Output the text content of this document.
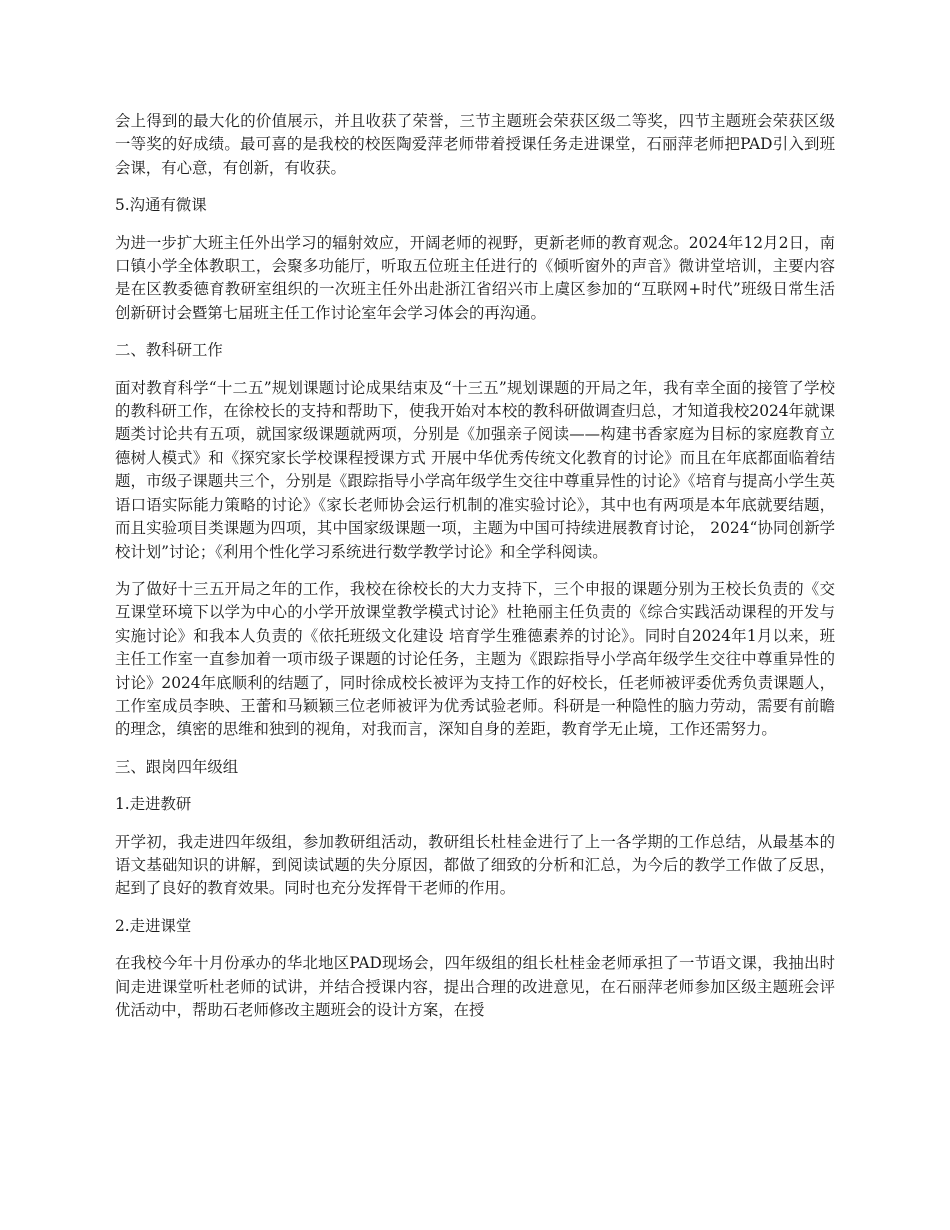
会上得到的最大化的价值展示，并且收获了荣誉，三节主题班会荣获区级二等奖，四节主题班会荣获区级一等奖的好成绩。最可喜的是我校的校医陶爱萍老师带着授课任务走进课堂，石丽萍老师把PAD引入到班会课，有心意，有创新，有收获。

5.沟通有微课

为进一步扩大班主任外出学习的辐射效应，开阔老师的视野，更新老师的教育观念。2024年12月2日，南口镇小学全体教职工，会聚多功能厅，听取五位班主任进行的《倾听窗外的声音》微讲堂培训，主要内容是在区教委德育教研室组织的一次班主任外出赴浙江省绍兴市上虞区参加的“互联网+时代”班级日常生活创新研讨会暨第七届班主任工作讨论室年会学习体会的再沟通。

二、教科研工作

面对教育科学“十二五”规划课题讨论成果结束及“十三五”规划课题的开局之年，我有幸全面的接管了学校的教科研工作，在徐校长的支持和帮助下，使我开始对本校的教科研做调查归总，才知道我校2024年就课题类讨论共有五项，就国家级课题就两项，分别是《加强亲子阅读——构建书香家庭为目标的家庭教育立德树人模式》和《探究家长学校课程授课方式 开展中华优秀传统文化教育的讨论》而且在年底都面临着结题，市级子课题共三个，分别是《跟踪指导小学高年级学生交往中尊重异性的讨论》《培育与提高小学生英语口语实际能力策略的讨论》《家长老师协会运行机制的准实验讨论》，其中也有两项是本年底就要结题，而且实验项目类课题为四项，其中国家级课题一项，主题为中国可持续进展教育讨论， 2024“协同创新学校计划”讨论；《利用个性化学习系统进行数学教学讨论》和全学科阅读。

为了做好十三五开局之年的工作，我校在徐校长的大力支持下，三个申报的课题分别为王校长负责的《交互课堂环境下以学为中心的小学开放课堂教学模式讨论》杜艳丽主任负责的《综合实践活动课程的开发与实施讨论》和我本人负责的《依托班级文化建设 培育学生雅德素养的讨论》。同时自2024年1月以来，班主任工作室一直参加着一项市级子课题的讨论任务，主题为《跟踪指导小学高年级学生交往中尊重异性的讨论》2024年底顺利的结题了，同时徐成校长被评为支持工作的好校长，任老师被评委优秀负责课题人，工作室成员李映、王蕾和马颖颖三位老师被评为优秀试验老师。科研是一种隐性的脑力劳动，需要有前瞻的理念，缜密的思维和独到的视角，对我而言，深知自身的差距，教育学无止境，工作还需努力。

三、跟岗四年级组

1.走进教研

开学初，我走进四年级组，参加教研组活动，教研组长杜桂金进行了上一各学期的工作总结，从最基本的语文基础知识的讲解，到阅读试题的失分原因，都做了细致的分析和汇总，为今后的教学工作做了反思，起到了良好的教育效果。同时也充分发挥骨干老师的作用。

2.走进课堂

在我校今年十月份承办的华北地区PAD现场会，四年级组的组长杜桂金老师承担了一节语文课，我抽出时间走进课堂听杜老师的试讲，并结合授课内容，提出合理的改进意见，在石丽萍老师参加区级主题班会评优活动中，帮助石老师修改主题班会的设计方案，在授
